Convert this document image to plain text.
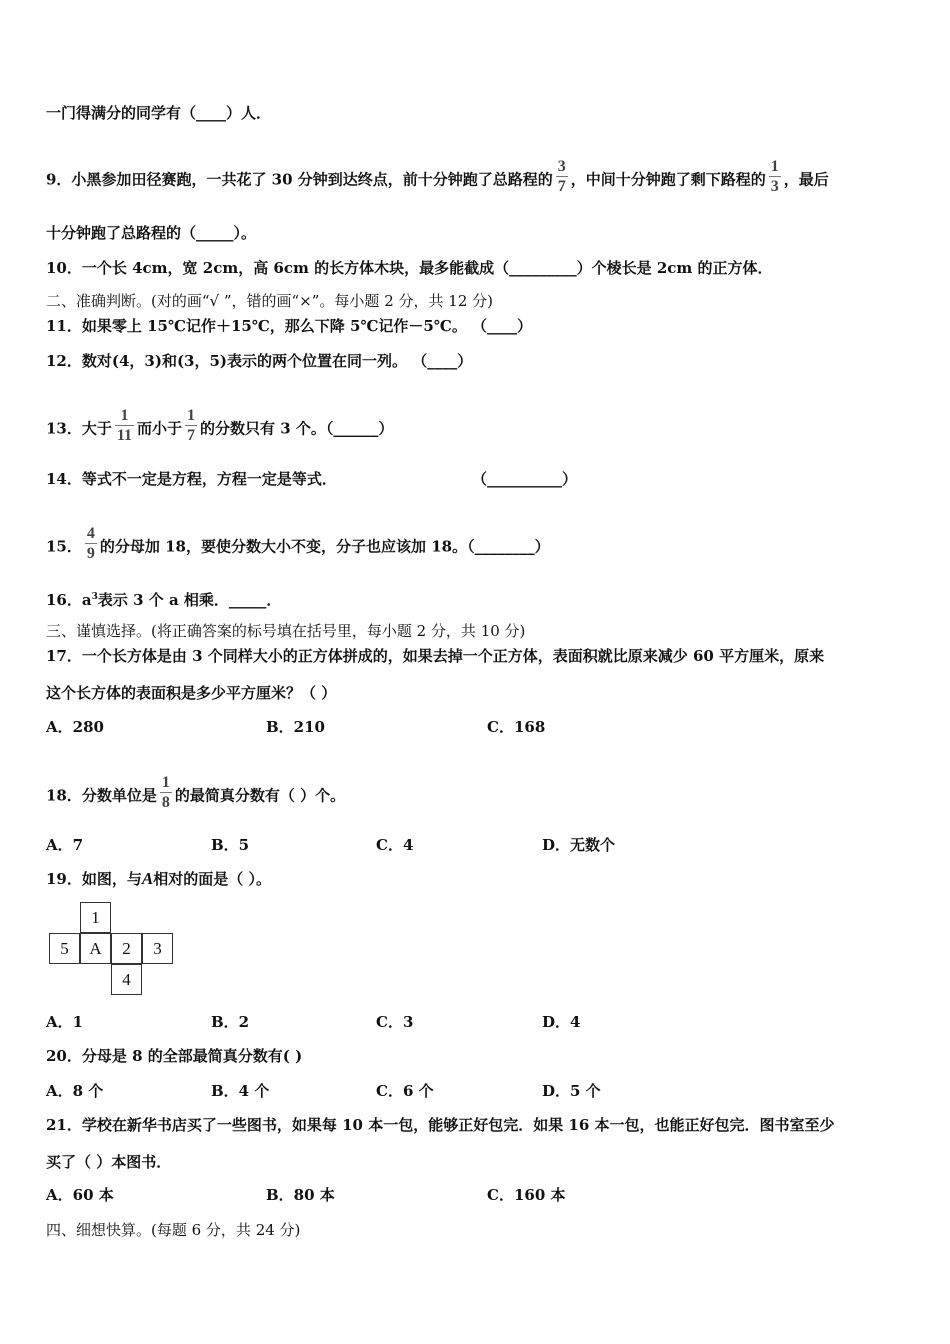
一门得满分的同学有（____）人．
9．小黑参加田径赛跑，一共花了 30 分钟到达终点，前十分钟跑了总路程的 $\frac{3}{7}$ ，中间十分钟跑了剩下路程的 $\frac{1}{3}$ ，最后
十分钟跑了总路程的（_____）。
10．一个长 4cm，宽 2cm，高 6cm 的长方体木块，最多能截成（_________）个棱长是 2cm 的正方体．
二、准确判断。(对的画“√ ”，错的画“×”。每小题 2 分，共 12 分)
11．如果零上 15℃记作＋15℃，那么下降 5℃记作－5℃。 （____）
12．数对(4，3)和(3，5)表示的两个位置在同一列。 （____）
13．大于 $\frac{1}{11}$ 而小于 $\frac{1}{7}$ 的分数只有 3 个。（______）
14．等式不一定是方程，方程一定是等式．	（__________）
15． $\frac{4}{9}$ 的分母加 18，要使分数大小不变，分子也应该加 18。（________）
16．$a^3$表示 3 个 a 相乘．_____．
三、谨慎选择。(将正确答案的标号填在括号里，每小题 2 分，共 10 分)
17．一个长方体是由 3 个同样大小的正方体拼成的，如果去掉一个正方体，表面积就比原来减少 60 平方厘米，原来
这个长方体的表面积是多少平方厘米？（ ）
A．280	B．210	C．168
18．分数单位是 $\frac{1}{8}$ 的最简真分数有（ ）个。
A．7	B．5	C．4	D．无数个
19．如图，与A相对的面是（ ）。
1
5	A	2	3
4
A．1	B．2	C．3	D．4
20．分母是 8 的全部最简真分数有( )
A．8 个	B．4 个	C．6 个	D．5 个
21．学校在新华书店买了一些图书，如果每 10 本一包，能够正好包完．如果 16 本一包，也能正好包完．图书室至少
买了（ ）本图书．
A．60 本	B．80 本	C．160 本
四、细想快算。(每题 6 分，共 24 分)
